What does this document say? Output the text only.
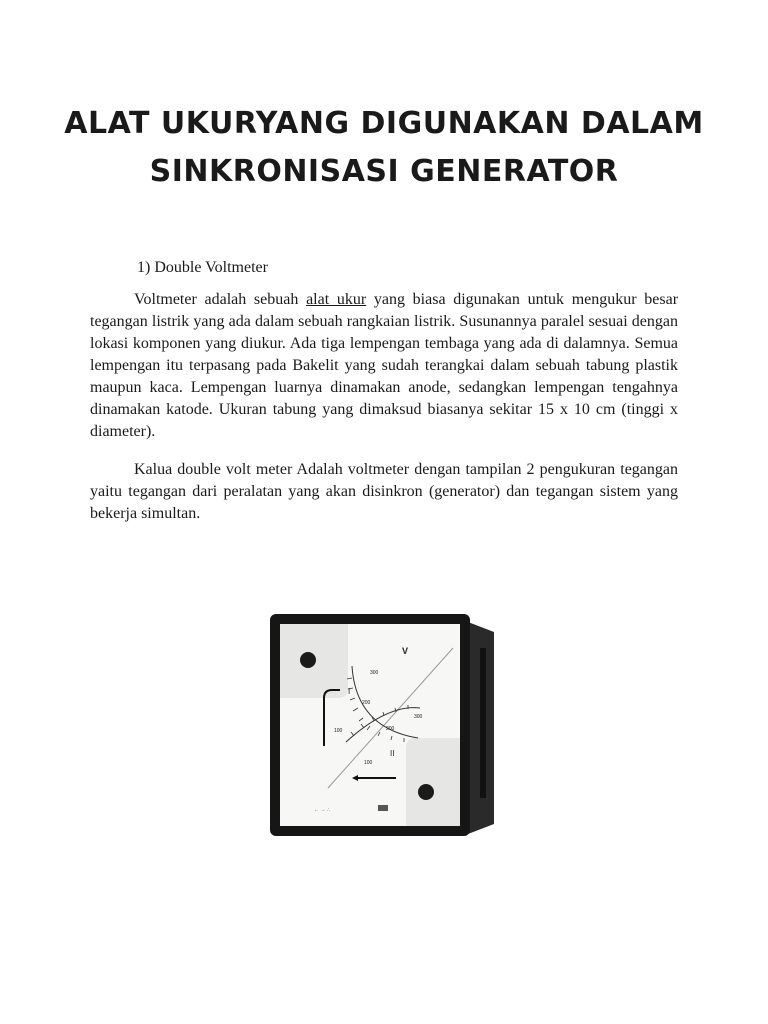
ALAT UKURYANG DIGUNAKAN DALAM
SINKRONISASI GENERATOR
1) Double Voltmeter

Voltmeter adalah sebuah alat ukur yang biasa digunakan untuk mengukur besar tegangan listrik yang ada dalam sebuah rangkaian listrik. Susunannya paralel sesuai dengan lokasi komponen yang diukur. Ada tiga lempengan tembaga yang ada di dalamnya. Semua lempengan itu terpasang pada Bakelit yang sudah terangkai dalam sebuah tabung plastik maupun kaca. Lempengan luarnya dinamakan anode, sedangkan lempengan tengahnya dinamakan katode. Ukuran tabung yang dimaksud biasanya sekitar 15 x 10 cm (tinggi x diameter).

Kalua double volt meter Adalah voltmeter dengan tampilan 2 pengukuran tegangan yaitu tegangan dari peralatan yang akan disinkron (generator) dan tegangan sistem yang bekerja simultan.

V
I
II
100
200
300
100
200
300
← → ∴
